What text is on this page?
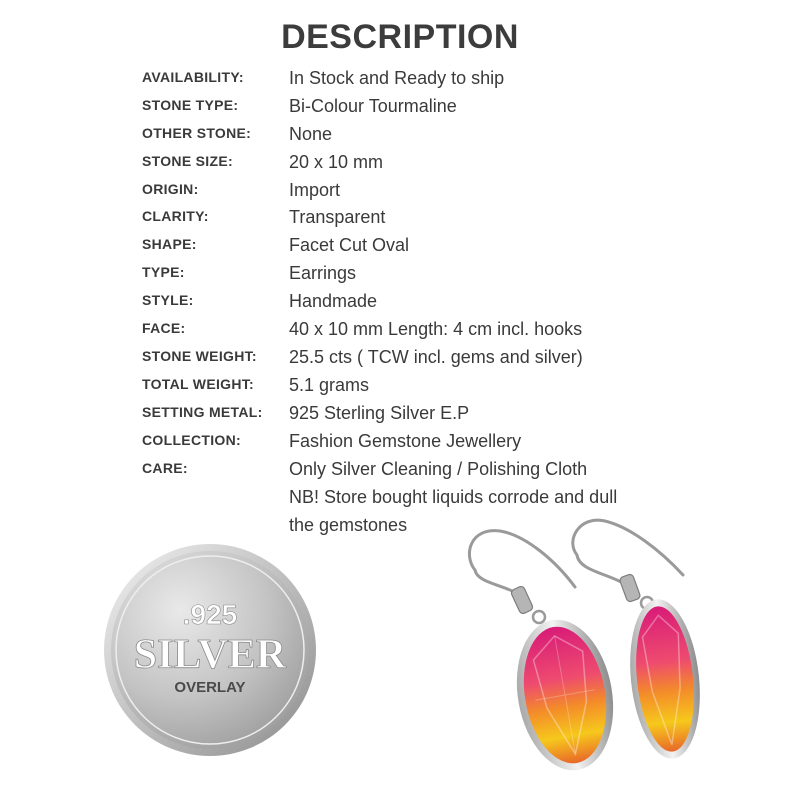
DESCRIPTION
AVAILABILITY:	In Stock and Ready to ship
STONE TYPE:	Bi-Colour Tourmaline
OTHER STONE: None
STONE SIZE:	20 x 10 mm
ORIGIN:	Import
CLARITY:	Transparent
SHAPE:	Facet Cut Oval
TYPE:	Earrings
STYLE:	Handmade
FACE:	40 x 10 mm Length: 4 cm incl. hooks
STONE WEIGHT: 25.5 cts ( TCW incl. gems and silver)
TOTAL WEIGHT: 5.1 grams
SETTING METAL: 925 Sterling Silver E.P
COLLECTION:	Fashion Gemstone Jewellery
CARE:	Only Silver Cleaning / Polishing Cloth
NB! Store bought liquids corrode and dull
the gemstones
.925
SILVER
OVERLAY
